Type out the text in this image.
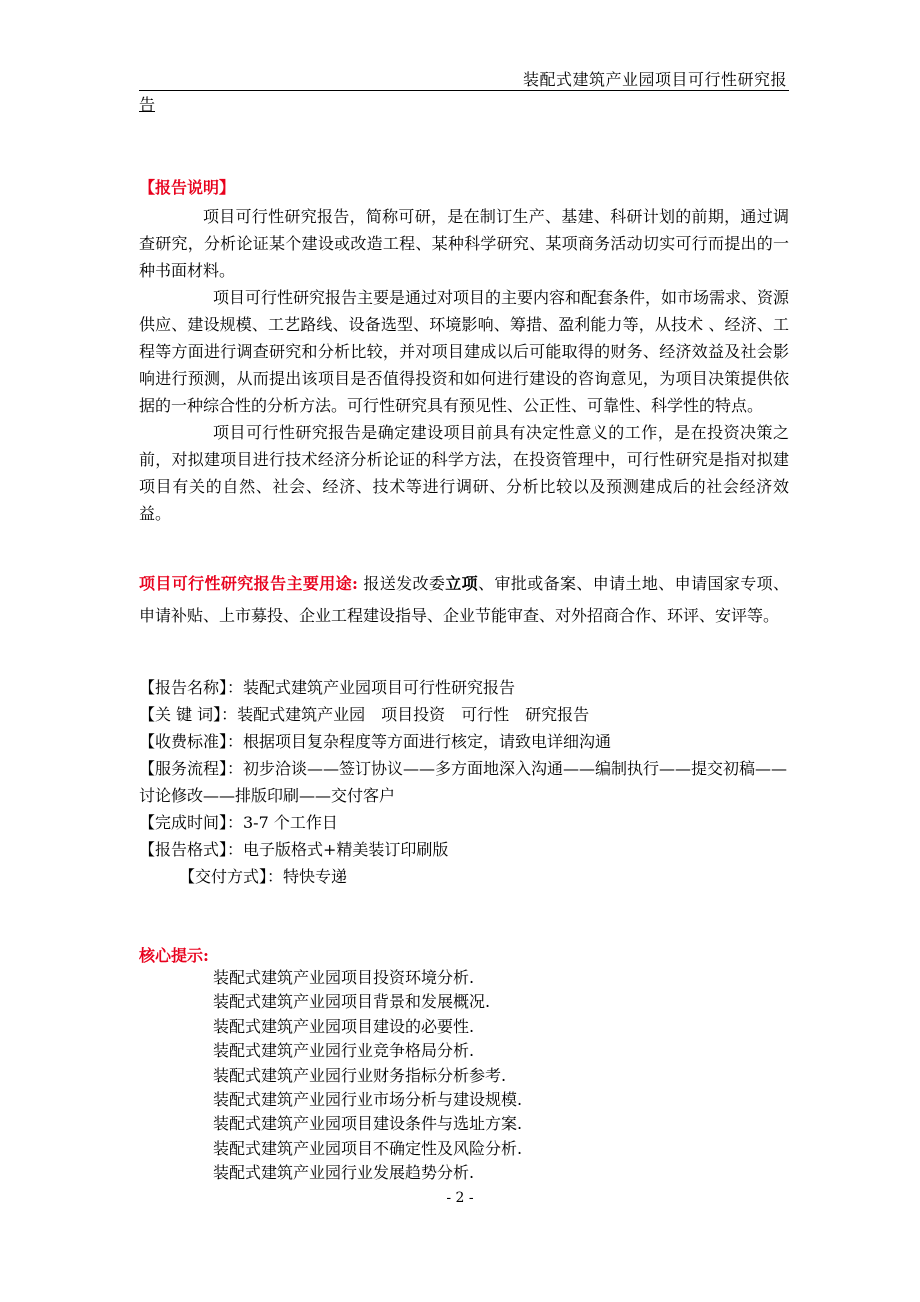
装配式建筑产业园项目可行性研究报
告
【报告说明】

项目可行性研究报告，简称可研，是在制订生产、基建、科研计划的前期，通过调查研究，分析论证某个建设或改造工程、某种科学研究、某项商务活动切实可行而提出的一种书面材料。

项目可行性研究报告主要是通过对项目的主要内容和配套条件，如市场需求、资源供应、建设规模、工艺路线、设备选型、环境影响、筹措、盈利能力等，从技术 、经济、工程等方面进行调查研究和分析比较，并对项目建成以后可能取得的财务、经济效益及社会影响进行预测，从而提出该项目是否值得投资和如何进行建设的咨询意见，为项目决策提供依据的一种综合性的分析方法。可行性研究具有预见性、公正性、可靠性、科学性的特点。

项目可行性研究报告是确定建设项目前具有决定性意义的工作，是在投资决策之前，对拟建项目进行技术经济分析论证的科学方法，在投资管理中，可行性研究是指对拟建项目有关的自然、社会、经济、技术等进行调研、分析比较以及预测建成后的社会经济效益。

项目可行性研究报告主要用途: 报送发改委立项、审批或备案、申请土地、申请国家专项、申请补贴、上市募投、企业工程建设指导、企业节能审查、对外招商合作、环评、安评等。
【报告名称】：装配式建筑产业园项目可行性研究报告
【关 键 词】：装配式建筑产业园　项目投资　可行性　研究报告
【收费标准】：根据项目复杂程度等方面进行核定，请致电详细沟通
【服务流程】：初步洽谈——签订协议——多方面地深入沟通——编制执行——提交初稿——讨论修改——排版印刷——交付客户
【完成时间】：3-7 个工作日
【报告格式】：电子版格式+精美装订印刷版
【交付方式】：特快专递
核心提示:
装配式建筑产业园项目投资环境分析.
装配式建筑产业园项目背景和发展概况.
装配式建筑产业园项目建设的必要性.
装配式建筑产业园行业竞争格局分析.
装配式建筑产业园行业财务指标分析参考.
装配式建筑产业园行业市场分析与建设规模.
装配式建筑产业园项目建设条件与选址方案.
装配式建筑产业园项目不确定性及风险分析.
装配式建筑产业园行业发展趋势分析.
- 2 -
